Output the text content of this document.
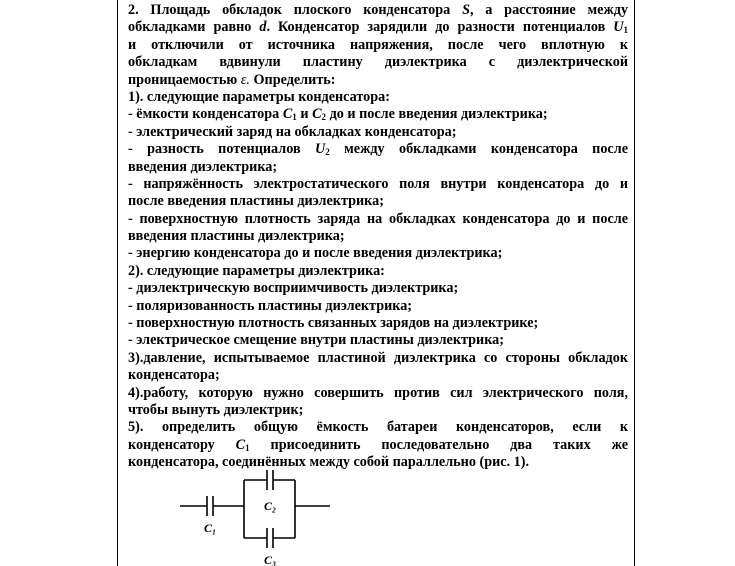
2. Площадь обкладок плоского конденсатора S, а расстояние между
обкладками равно d. Конденсатор зарядили до разности потенциалов $U_1$
и отключили от источника напряжения, после чего вплотную к
обкладкам вдвинули пластину диэлектрика с диэлектрической
проницаемостью ε. Определить:
1). следующие параметры конденсатора:
- ёмкости конденсатора $C_1$ и $C_2$ до и после введения диэлектрика;
- электрический заряд на обкладках конденсатора;
- разность потенциалов $U_2$ между обкладками конденсатора после
введения диэлектрика;
- напряжённость электростатического поля внутри конденсатора до и
после введения пластины диэлектрика;
- поверхностную плотность заряда на обкладках конденсатора до и после
введения пластины диэлектрика;
- энергию конденсатора до и после введения диэлектрика;
2). следующие параметры диэлектрика:
- диэлектрическую восприимчивость диэлектрика;
- поляризованность пластины диэлектрика;
- поверхностную плотность связанных зарядов на диэлектрике;
- электрическое смещение внутри пластины диэлектрика;
3).давление, испытываемое пластиной диэлектрика со стороны обкладок
конденсатора;
4).работу, которую нужно совершить против сил электрического поля,
чтобы вынуть диэлектрик;
5). определить общую ёмкость батареи конденсаторов, если к
конденсатору $C_1$ присоединить последовательно два таких же
конденсатора, соединённых между собой параллельно (рис. 1).
C₁
C₂
C₃
